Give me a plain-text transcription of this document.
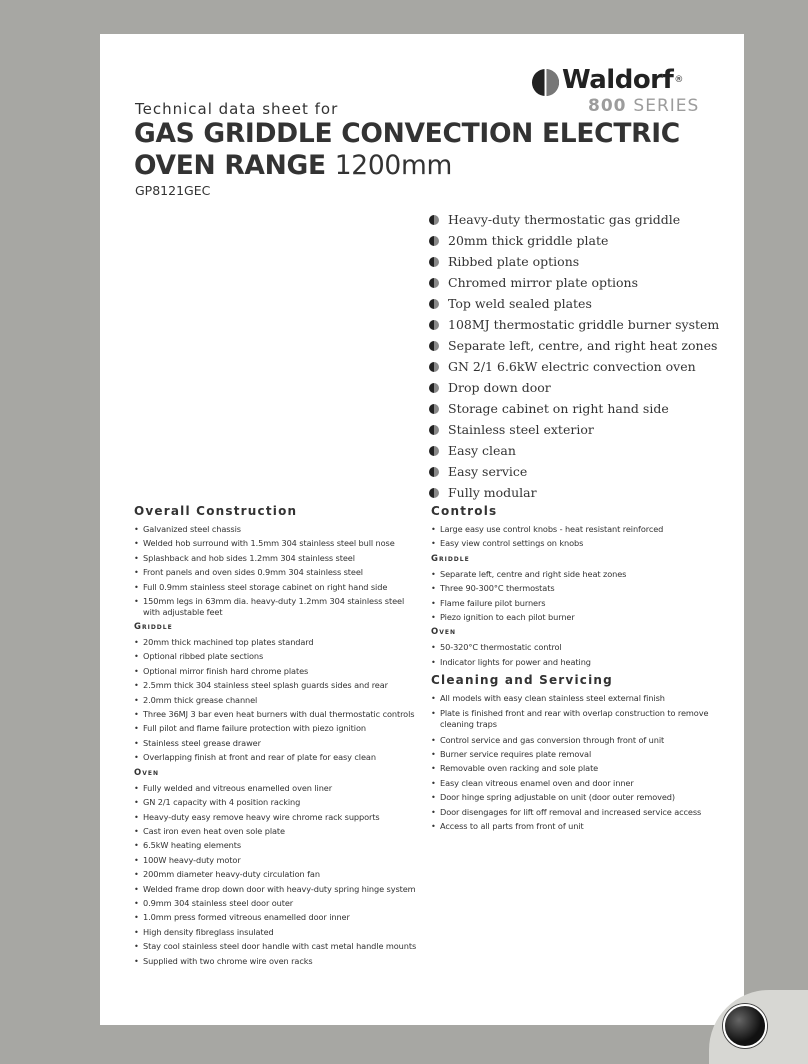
Waldorf®
800 SERIES
Technical data sheet for
GAS GRIDDLE CONVECTION ELECTRIC OVEN RANGE 1200mm
GP8121GEC
Heavy-duty thermostatic gas griddle
20mm thick griddle plate
Ribbed plate options
Chromed mirror plate options
Top weld sealed plates
108MJ thermostatic griddle burner system
Separate left, centre, and right heat zones
GN 2/1 6.6kW electric convection oven
Drop down door
Storage cabinet on right hand side
Stainless steel exterior
Easy clean
Easy service
Fully modular
Overall Construction
• Galvanized steel chassis
• Welded hob surround with 1.5mm 304 stainless steel bull nose
• Splashback and hob sides 1.2mm 304 stainless steel
• Front panels and oven sides 0.9mm 304 stainless steel
• Full 0.9mm stainless steel storage cabinet on right hand side
• 150mm legs in 63mm dia. heavy-duty 1.2mm 304 stainless steel with adjustable feet
Griddle
• 20mm thick machined top plates standard
• Optional ribbed plate sections
• Optional mirror finish hard chrome plates
• 2.5mm thick 304 stainless steel splash guards sides and rear
• 2.0mm thick grease channel
• Three 36MJ 3 bar even heat burners with dual thermostatic controls
• Full pilot and flame failure protection with piezo ignition
• Stainless steel grease drawer
• Overlapping finish at front and rear of plate for easy clean
Oven
• Fully welded and vitreous enamelled oven liner
• GN 2/1 capacity with 4 position racking
• Heavy-duty easy remove heavy wire chrome rack supports
• Cast iron even heat oven sole plate
• 6.5kW heating elements
• 100W heavy-duty motor
• 200mm diameter heavy-duty circulation fan
• Welded frame drop down door with heavy-duty spring hinge system
• 0.9mm 304 stainless steel door outer
• 1.0mm press formed vitreous enamelled door inner
• High density fibreglass insulated
• Stay cool stainless steel door handle with cast metal handle mounts
• Supplied with two chrome wire oven racks
Controls
• Large easy use control knobs - heat resistant reinforced
• Easy view control settings on knobs
Griddle
• Separate left, centre and right side heat zones
• Three 90-300°C thermostats
• Flame failure pilot burners
• Piezo ignition to each pilot burner
Oven
• 50-320°C thermostatic control
• Indicator lights for power and heating
Cleaning and Servicing
• All models with easy clean stainless steel external finish
• Plate is finished front and rear with overlap construction to remove cleaning traps
• Control service and gas conversion through front of unit
• Burner service requires plate removal
• Removable oven racking and sole plate
• Easy clean vitreous enamel oven and door inner
• Door hinge spring adjustable on unit (door outer removed)
• Door disengages for lift off removal and increased service access
• Access to all parts from front of unit
